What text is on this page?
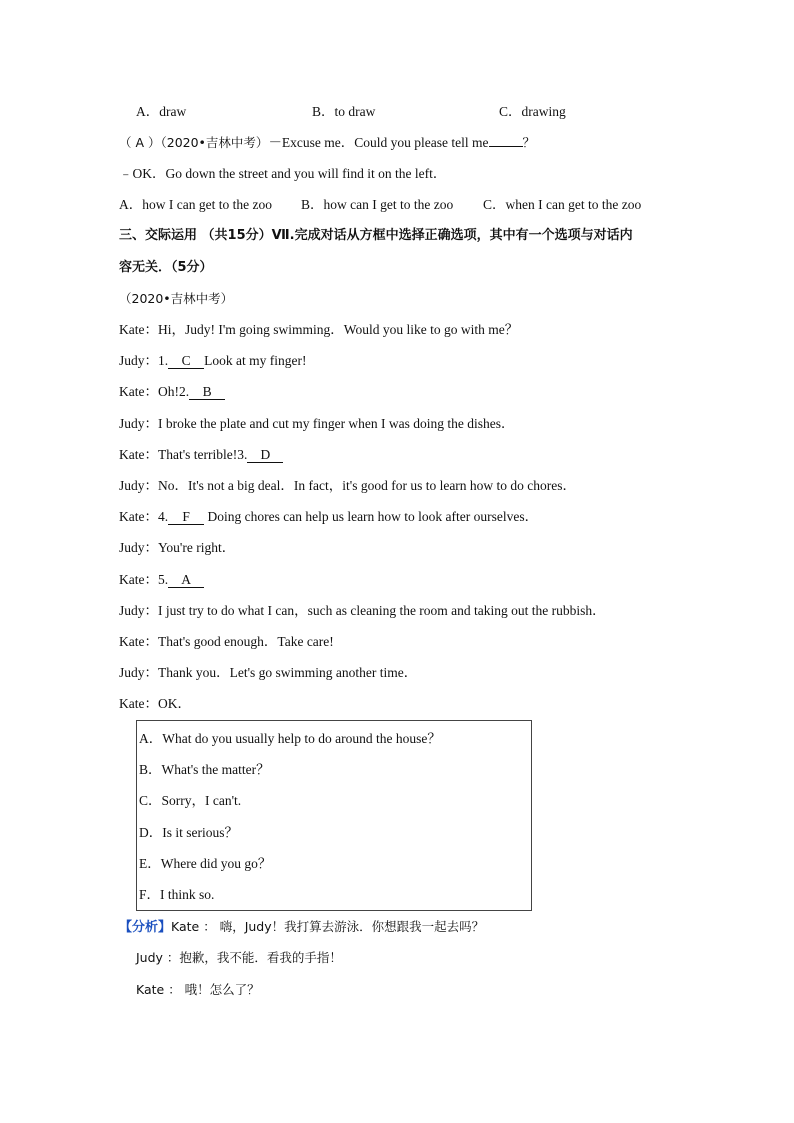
A．draw	B．to draw	C．drawing
（ A ）（2020•吉林中考）－Excuse me．Could you please tell me	？
﹣OK．Go down the street and you will find it on the left．
A．how I can get to the zoo B．how can I get to the zoo C．when I can get to the zoo
三、交际运用 （共15分）Ⅶ.完成对话从方框中选择正确选项，其中有一个选项与对话内
容无关．（5分）
（2020•吉林中考）
Kate：Hi，Judy! I'm going swimming．Would you like to go with me？
Judy：1. C Look at my finger!
Kate：Oh!2. B
Judy：I broke the plate and cut my finger when I was doing the dishes．
Kate：That's terrible!3. D
Judy：No．It's not a big deal．In fact，it's good for us to learn how to do chores．
Kate：4. F Doing chores can help us learn how to look after ourselves．
Judy：You're right．
Kate：5. A
Judy：I just try to do what I can，such as cleaning the room and taking out the rubbish．
Kate：That's good enough．Take care!
Judy：Thank you．Let's go swimming another time．
Kate：OK．
A．What do you usually help to do around the house？
B．What's the matter？
C．Sorry，I can't.
D．Is it serious？
E．Where did you go？
F．I think so.
【分析】Kate ： 嗨，Judy！我打算去游泳．你想跟我一起去吗？
Judy ：抱歉，我不能．看我的手指！
Kate ： 哦！怎么了？
